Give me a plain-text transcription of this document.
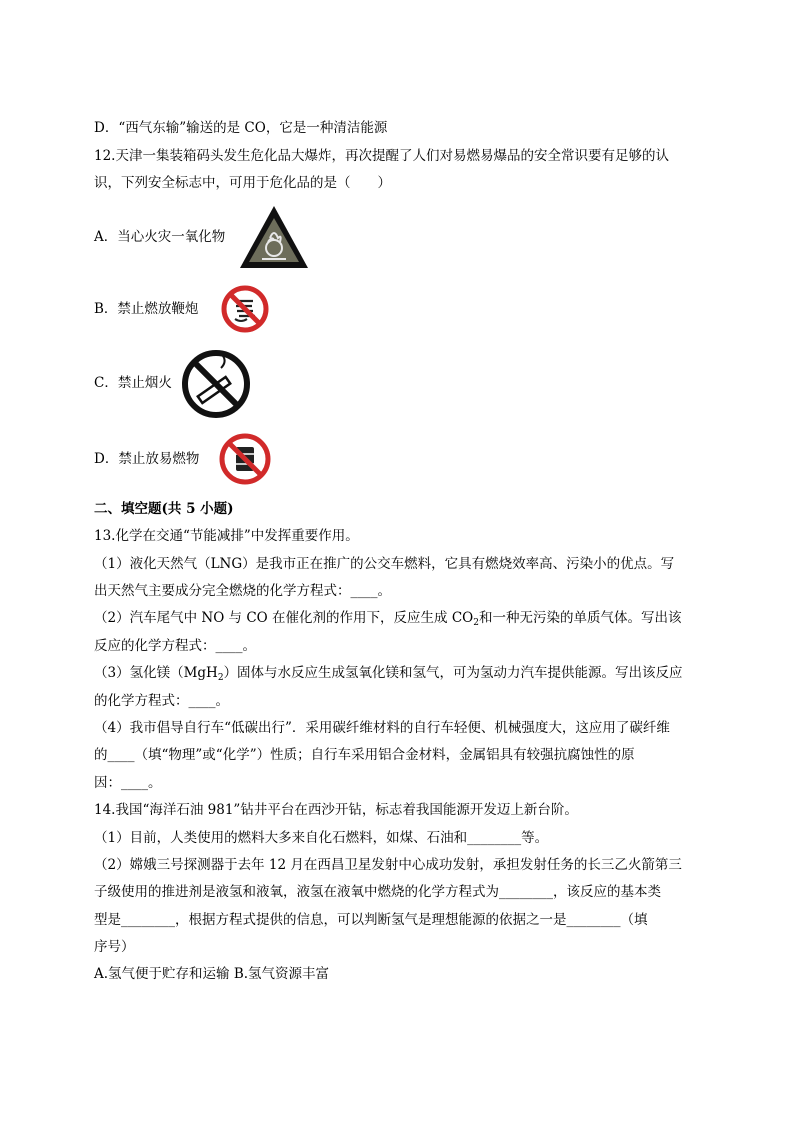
D．“西气东输”输送的是 CO，它是一种清洁能源
12.天津一集装箱码头发生危化品大爆炸，再次提醒了人们对易燃易爆品的安全常识要有足够的认
识，下列安全标志中，可用于危化品的是（　　）
A．当心火灾一氧化物
B．禁止燃放鞭炮
C．禁止烟火
D．禁止放易燃物
二、填空题(共 5 小题)
13.化学在交通“节能减排”中发挥重要作用。
（1）液化天然气（LNG）是我市正在推广的公交车燃料，它具有燃烧效率高、污染小的优点。写
出天然气主要成分完全燃烧的化学方程式：____。
（2）汽车尾气中 NO 与 CO 在催化剂的作用下，反应生成 $CO_2$和一种无污染的单质气体。写出该
反应的化学方程式：____。
（3）氢化镁（MgH$_2$）固体与水反应生成氢氧化镁和氢气，可为氢动力汽车提供能源。写出该反应
的化学方程式：____。
（4）我市倡导自行车“低碳出行”．采用碳纤维材料的自行车轻便、机械强度大，这应用了碳纤维
的____（填“物理”或“化学”）性质；自行车采用铝合金材料，金属铝具有较强抗腐蚀性的原
因：____。
14.我国“海洋石油 981”钻井平台在西沙开钻，标志着我国能源开发迈上新台阶。
（1）目前，人类使用的燃料大多来自化石燃料，如煤、石油和________等。
（2）嫦娥三号探测器于去年 12 月在西昌卫星发射中心成功发射，承担发射任务的长三乙火箭第三
子级使用的推进剂是液氢和液氧，液氢在液氧中燃烧的化学方程式为________，该反应的基本类
型是________，根据方程式提供的信息，可以判断氢气是理想能源的依据之一是________（填
序号）
A.氢气便于贮存和运输 B.氢气资源丰富
